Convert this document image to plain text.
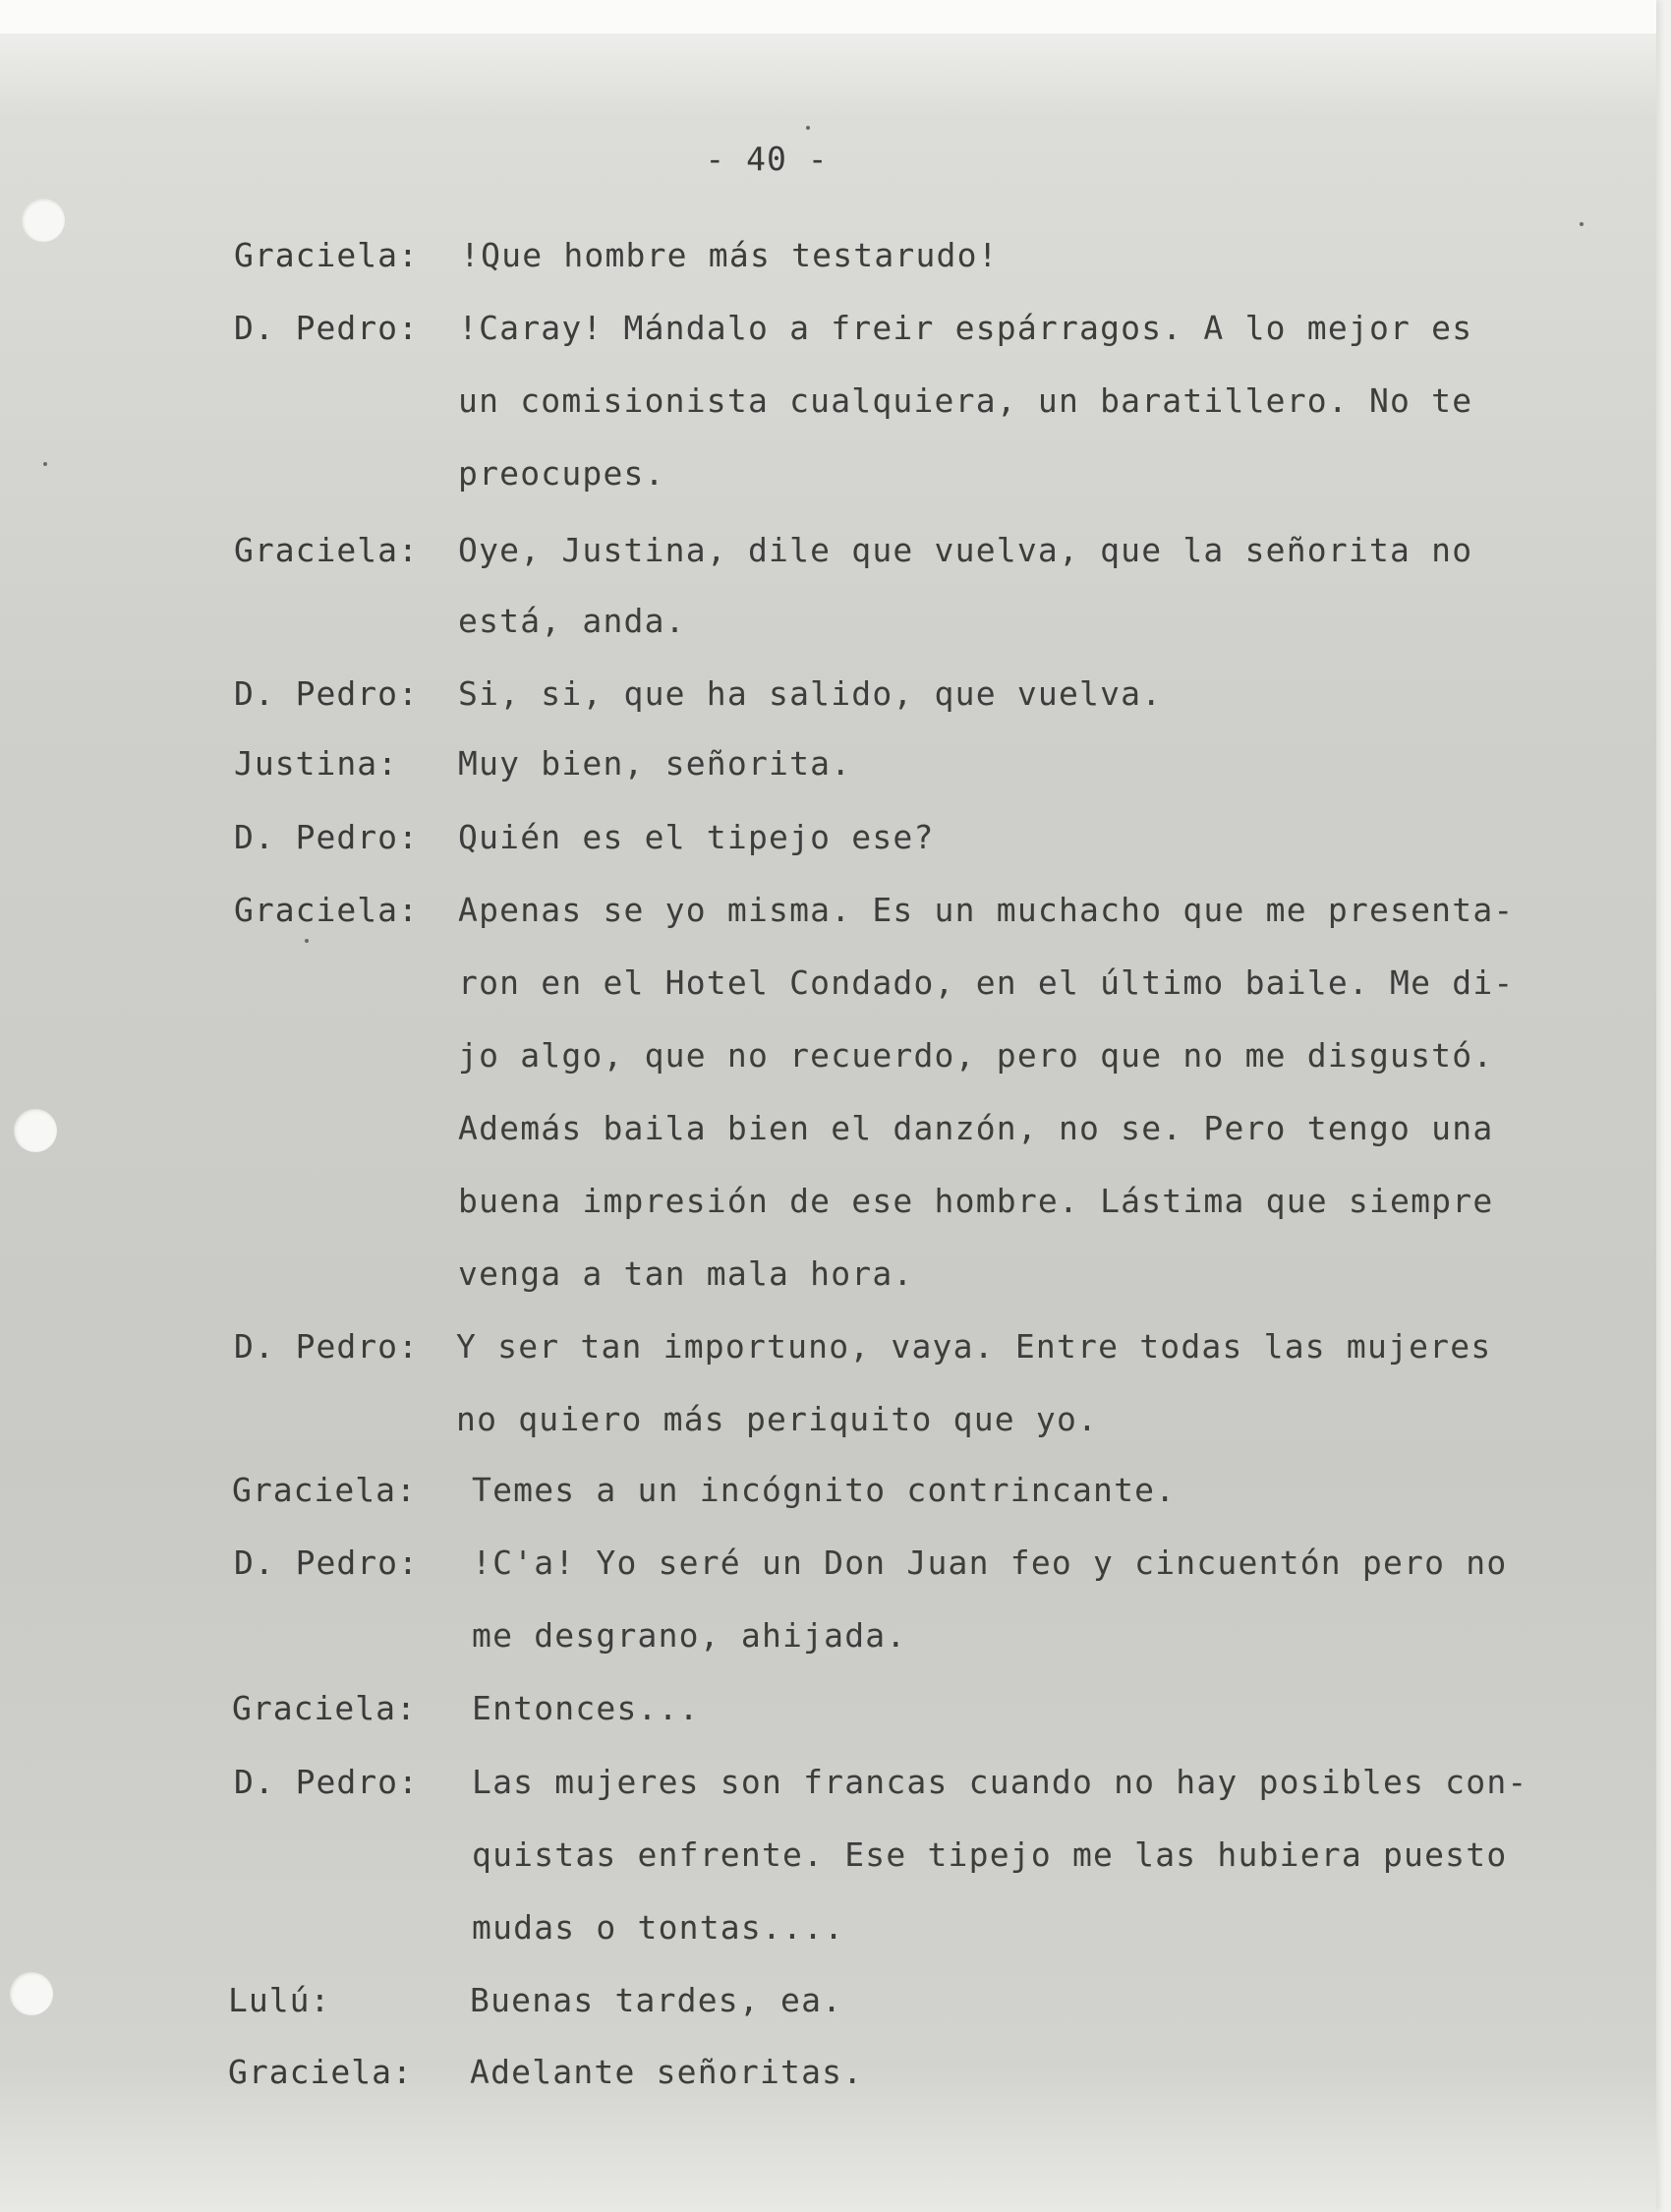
- 40 -
Graciela: !Que hombre más testarudo!
D. Pedro: !Caray! Mándalo a freir espárragos. A lo mejor es
un comisionista cualquiera, un baratillero. No te
preocupes.
Graciela: Oye, Justina, dile que vuelva, que la señorita no
está, anda.
D. Pedro: Si, si, que ha salido, que vuelva.
Justina: Muy bien, señorita.
D. Pedro: Quién es el tipejo ese?
Graciela: Apenas se yo misma. Es un muchacho que me presenta-
ron en el Hotel Condado, en el último baile. Me di-
jo algo, que no recuerdo, pero que no me disgustó.
Además baila bien el danzón, no se. Pero tengo una
buena impresión de ese hombre. Lástima que siempre
venga a tan mala hora.
D. Pedro: Y ser tan importuno, vaya. Entre todas las mujeres
no quiero más periquito que yo.
Graciela: Temes a un incógnito contrincante.
D. Pedro: !C'a! Yo seré un Don Juan feo y cincuentón pero no
me desgrano, ahijada.
Graciela: Entonces...
D. Pedro: Las mujeres son francas cuando no hay posibles con-
quistas enfrente. Ese tipejo me las hubiera puesto
mudas o tontas....
Lulú:	Buenas tardes, ea.
Graciela: Adelante señoritas.
